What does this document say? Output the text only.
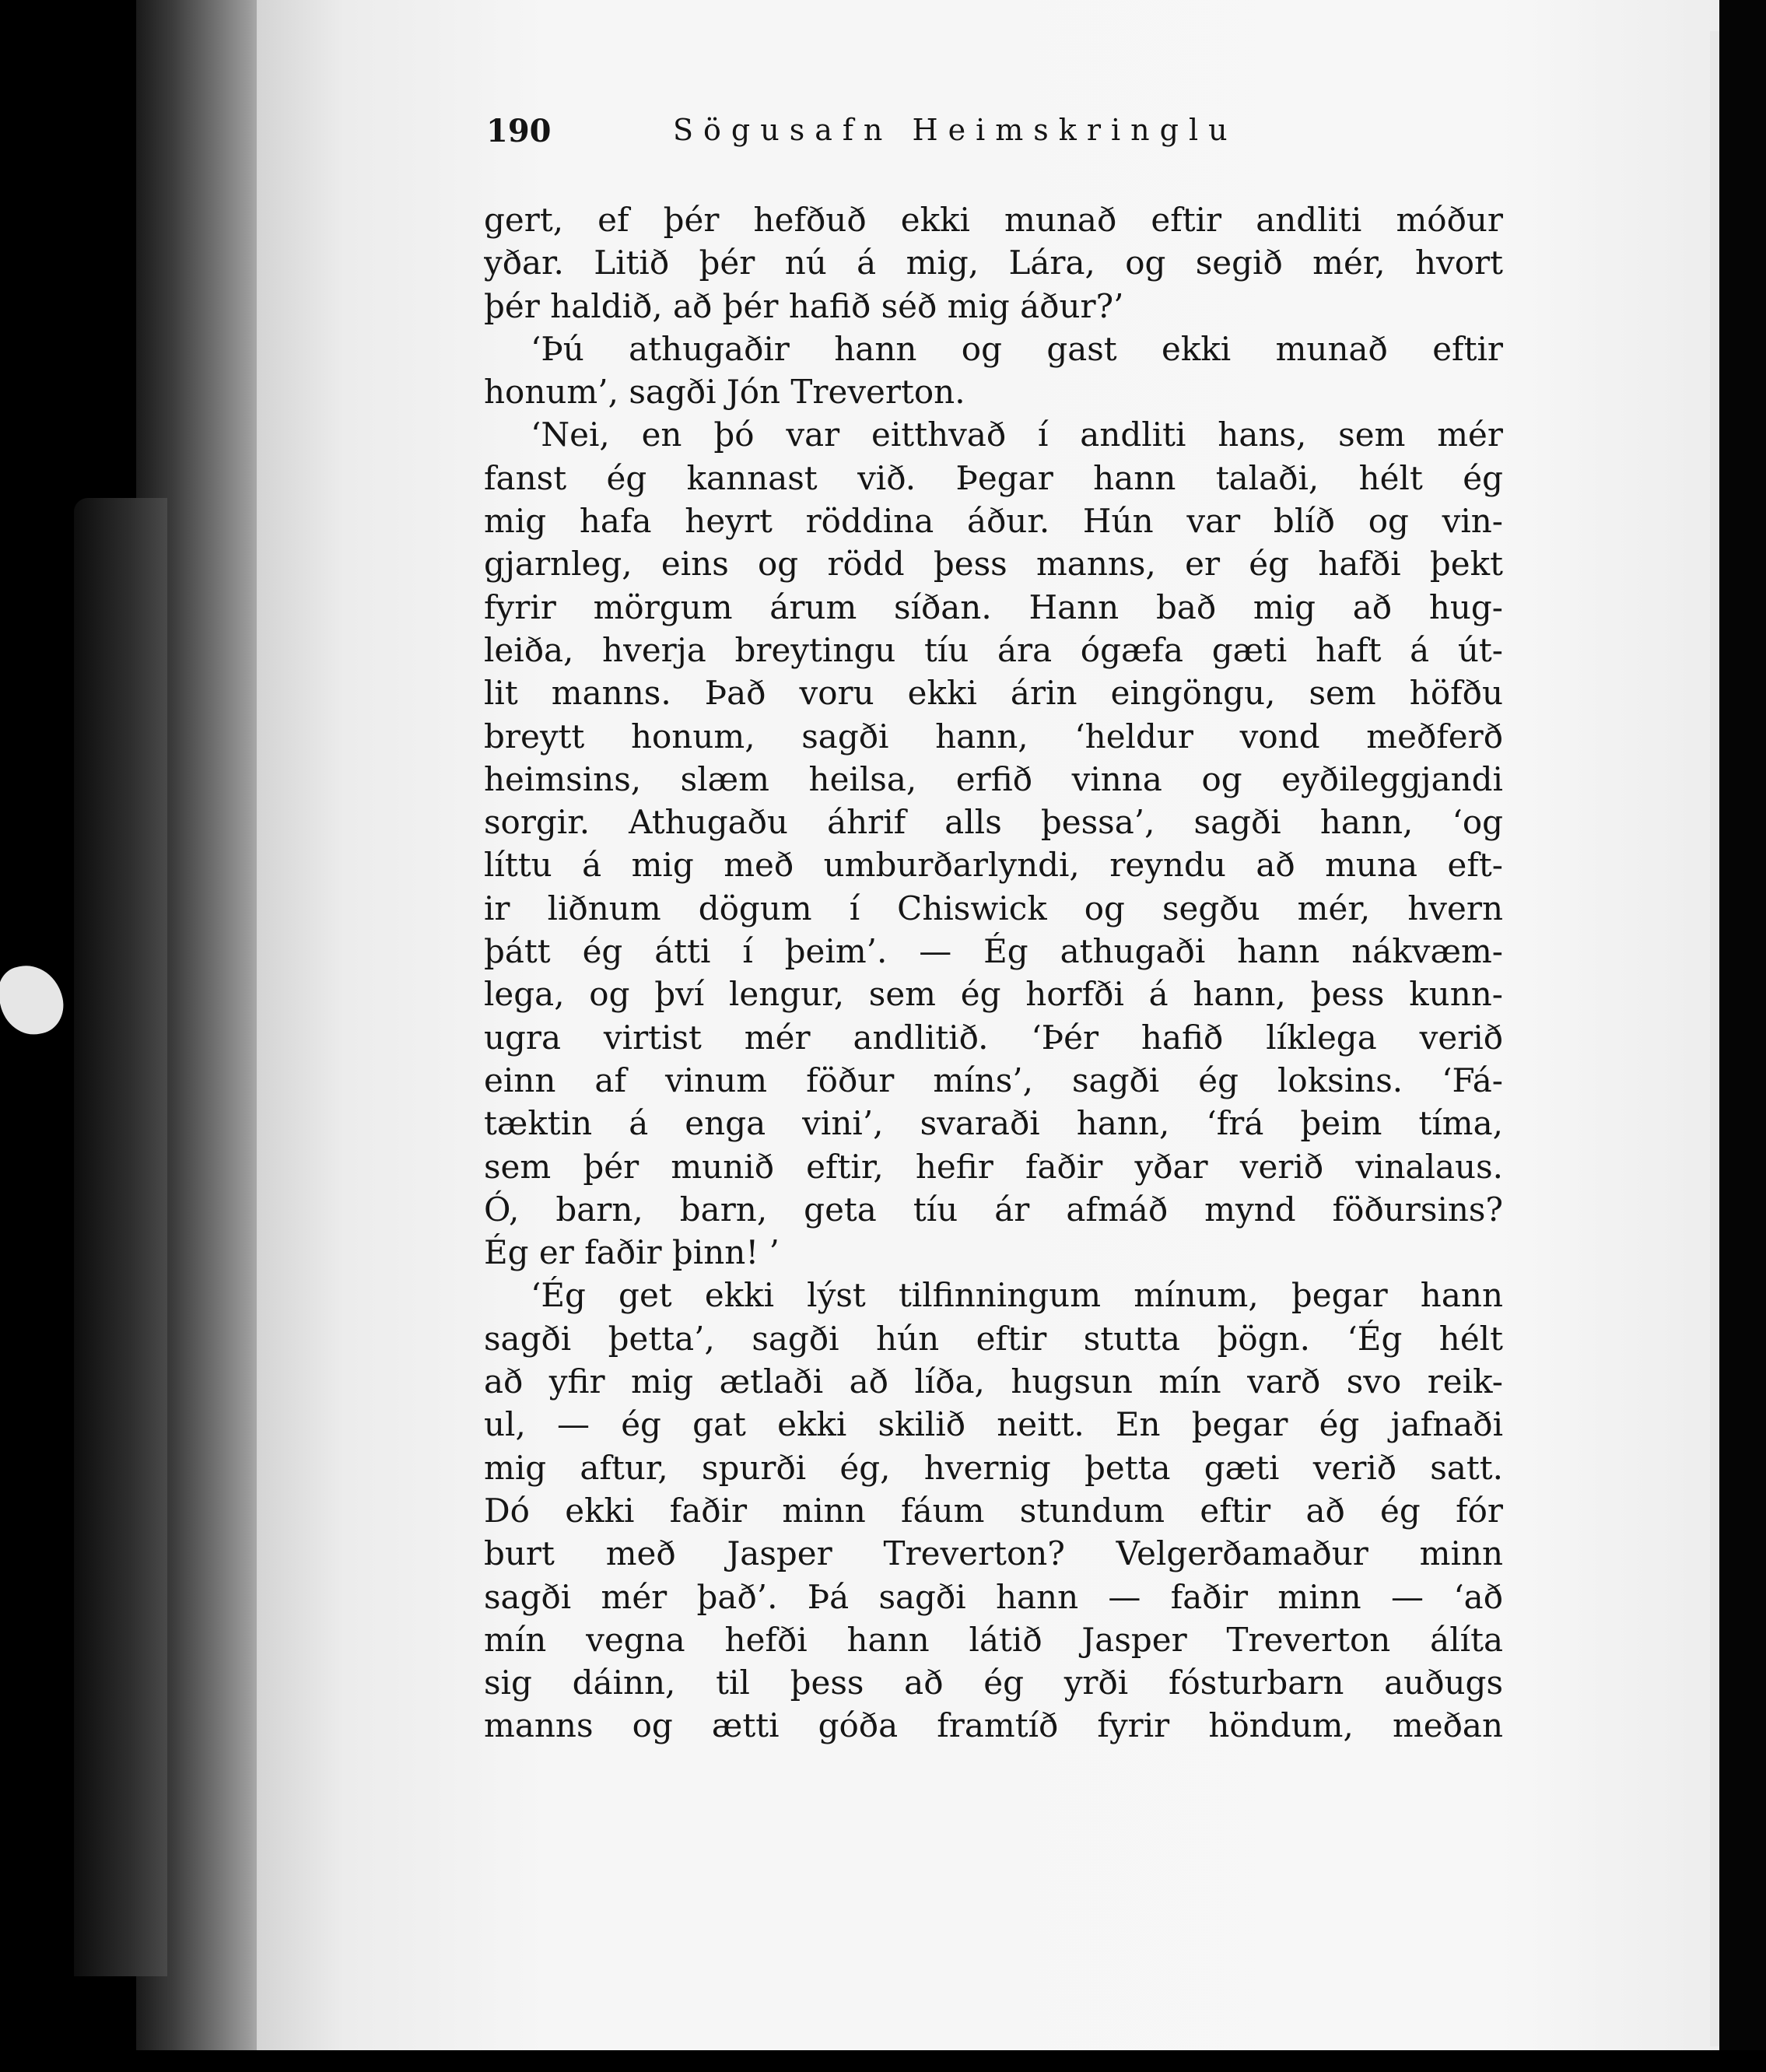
190	Sögusafn Heimskringlu
gert, ef þér hefðuð ekki munað eftir andliti móður
yðar. Litið þér nú á mig, Lára, og segið mér, hvort
þér haldið, að þér hafið séð mig áður?’
‘Þú athugaðir hann og gast ekki munað eftir
honum’, sagði Jón Treverton.
‘Nei, en þó var eitthvað í andliti hans, sem mér
fanst ég kannast við. Þegar hann talaði, hélt ég
mig hafa heyrt röddina áður. Hún var blíð og vin-
gjarnleg, eins og rödd þess manns, er ég hafði þekt
fyrir mörgum árum síðan. Hann bað mig að hug-
leiða, hverja breytingu tíu ára ógæfa gæti haft á út-
lit manns. Það voru ekki árin eingöngu, sem höfðu
breytt honum, sagði hann, ‘heldur vond meðferð
heimsins, slæm heilsa, erfið vinna og eyðileggjandi
sorgir. Athugaðu áhrif alls þessa’, sagði hann, ‘og
líttu á mig með umburðarlyndi, reyndu að muna eft-
ir liðnum dögum í Chiswick og segðu mér, hvern
þátt ég átti í þeim’. — Ég athugaði hann nákvæm-
lega, og því lengur, sem ég horfði á hann, þess kunn-
ugra virtist mér andlitið. ‘Þér hafið líklega verið
einn af vinum föður míns’, sagði ég loksins. ‘Fá-
tæktin á enga vini’, svaraði hann, ‘frá þeim tíma,
sem þér munið eftir, hefir faðir yðar verið vinalaus.
Ó, barn, barn, geta tíu ár afmáð mynd föðursins?
Ég er faðir þinn! ’
‘Ég get ekki lýst tilfinningum mínum, þegar hann
sagði þetta’, sagði hún eftir stutta þögn. ‘Ég hélt
að yfir mig ætlaði að líða, hugsun mín varð svo reik-
ul, — ég gat ekki skilið neitt. En þegar ég jafnaði
mig aftur, spurði ég, hvernig þetta gæti verið satt.
Dó ekki faðir minn fáum stundum eftir að ég fór
burt með Jasper Treverton? Velgerðamaður minn
sagði mér það’. Þá sagði hann — faðir minn — ‘að
mín vegna hefði hann látið Jasper Treverton álíta
sig dáinn, til þess að ég yrði fósturbarn auðugs
manns og ætti góða framtíð fyrir höndum, meðan
